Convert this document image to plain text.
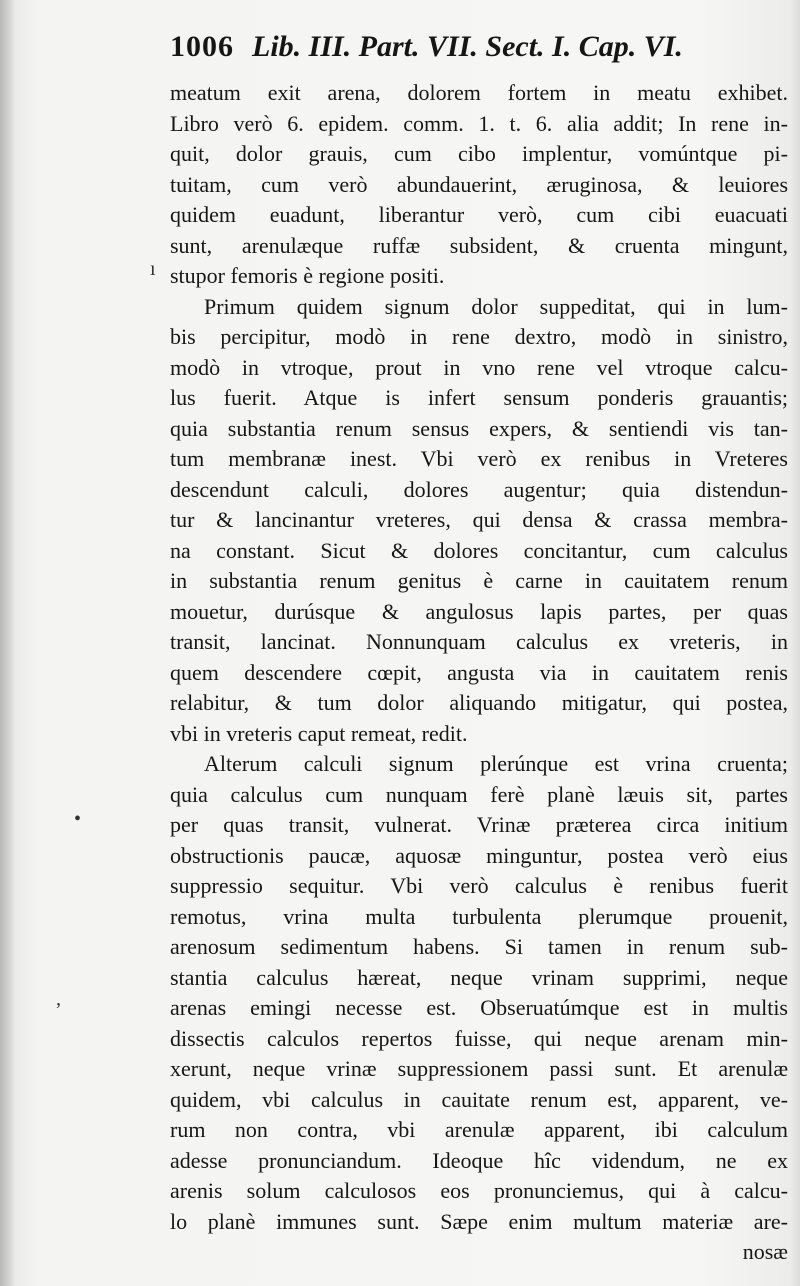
1006 Lib. III. Part. VII. Sect. I. Cap. VI.
meatum exit arena, dolorem fortem in meatu exhibet.
Libro verò 6. epidem. comm. 1. t. 6. alia addit; In rene in-
quit, dolor grauis, cum cibo implentur, vomúntque pi-
tuitam, cum verò abundauerint, æruginosa, & leuiores
quidem euadunt, liberantur verò, cum cibi euacuati
sunt, arenulæque ruffæ subsident, & cruenta mingunt,
stupor femoris è regione positi.
Primum quidem signum dolor suppeditat, qui in lum-
bis percipitur, modò in rene dextro, modò in sinistro,
modò in vtroque, prout in vno rene vel vtroque calcu-
lus fuerit. Atque is infert sensum ponderis grauantis;
quia substantia renum sensus expers, & sentiendi vis tan-
tum membranæ inest. Vbi verò ex renibus in Vreteres
descendunt calculi, dolores augentur; quia distendun-
tur & lancinantur vreteres, qui densa & crassa membra-
na constant. Sicut & dolores concitantur, cum calculus
in substantia renum genitus è carne in cauitatem renum
mouetur, durúsque & angulosus lapis partes, per quas
transit, lancinat. Nonnunquam calculus ex vreteris, in
quem descendere cœpit, angusta via in cauitatem renis
relabitur, & tum dolor aliquando mitigatur, qui postea,
vbi in vreteris caput remeat, redit.
Alterum calculi signum plerúnque est vrina cruenta;
quia calculus cum nunquam ferè planè læuis sit, partes
per quas transit, vulnerat. Vrinæ præterea circa initium
obstructionis paucæ, aquosæ minguntur, postea verò eius
suppressio sequitur. Vbi verò calculus è renibus fuerit
remotus, vrina multa turbulenta plerumque prouenit,
arenosum sedimentum habens. Si tamen in renum sub-
stantia calculus hæreat, neque vrinam supprimi, neque
arenas emingi necesse est. Obseruatúmque est in multis
dissectis calculos repertos fuisse, qui neque arenam min-
xerunt, neque vrinæ suppressionem passi sunt. Et arenulæ
quidem, vbi calculus in cauitate renum est, apparent, ve-
rum non contra, vbi arenulæ apparent, ibi calculum
adesse pronunciandum. Ideoque hîc videndum, ne ex
arenis solum calculosos eos pronunciemus, qui à calcu-
lo planè immunes sunt. Sæpe enim multum materiæ are-
nosæ
ı
•
,
